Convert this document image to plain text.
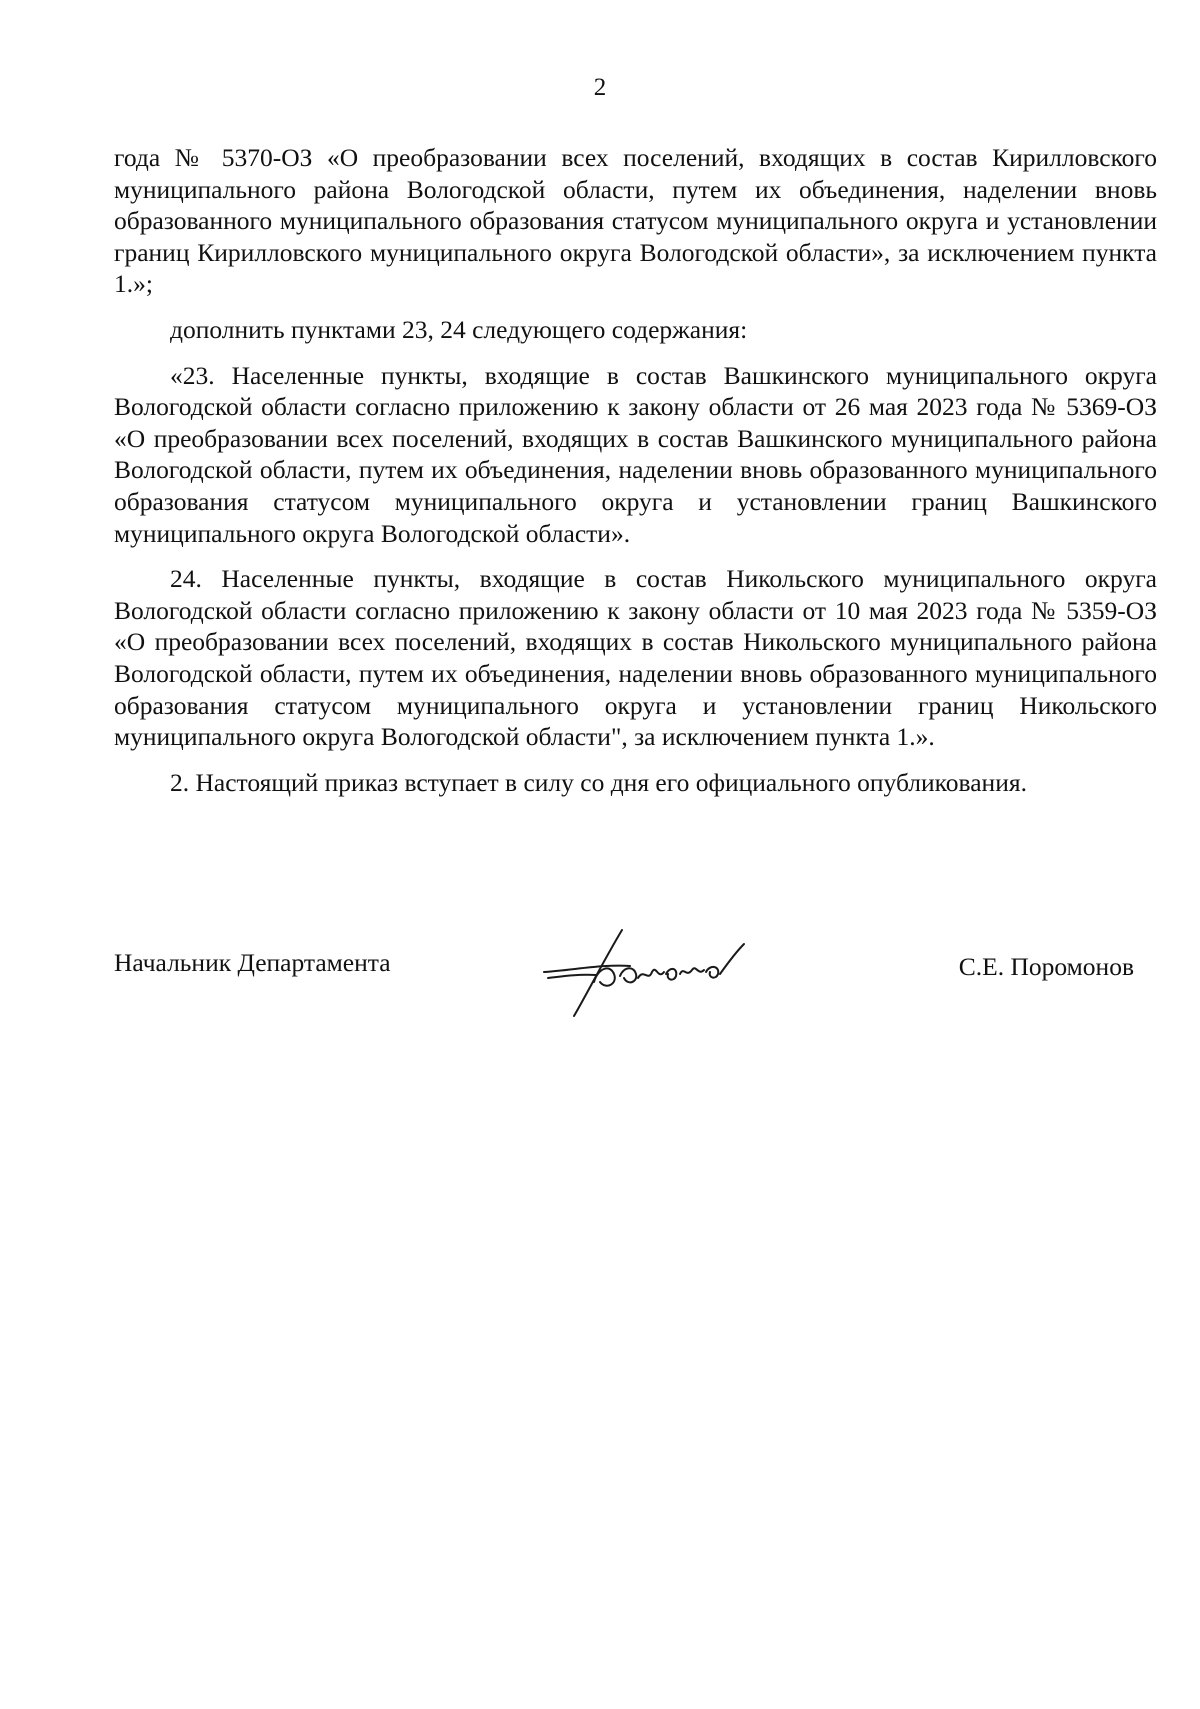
2

года № 5370-ОЗ «О преобразовании всех поселений, входящих в состав Кирилловского муниципального района Вологодской области, путем их объединения, наделении вновь образованного муниципального образования статусом муниципального округа и установлении границ Кирилловского муниципального округа Вологодской области», за исключением пункта 1.»;

дополнить пунктами 23, 24 следующего содержания:

«23. Населенные пункты, входящие в состав Вашкинского муниципального округа Вологодской области согласно приложению к закону области от 26 мая 2023 года № 5369-ОЗ «О преобразовании всех поселений, входящих в состав Вашкинского муниципального района Вологодской области, путем их объединения, наделении вновь образованного муниципального образования статусом муниципального округа и установлении границ Вашкинского муниципального округа Вологодской области».

24. Населенные пункты, входящие в состав Никольского муниципального округа Вологодской области согласно приложению к закону области от 10 мая 2023 года № 5359-ОЗ «О преобразовании всех поселений, входящих в состав Никольского муниципального района Вологодской области, путем их объединения, наделении вновь образованного муниципального образования статусом муниципального округа и установлении границ Никольского муниципального округа Вологодской области", за исключением пункта 1.».

2. Настоящий приказ вступает в силу со дня его официального опубликования.

Начальник Департамента	С.Е. Поромонов
